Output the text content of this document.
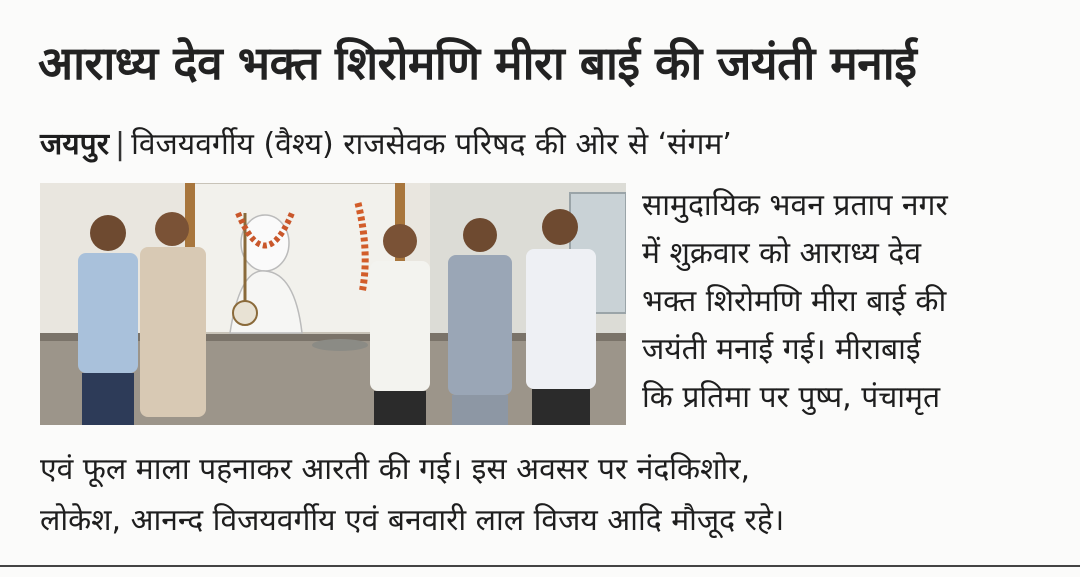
आराध्य देव भक्त शिरोमणि मीरा बाई की जयंती मनाई
जयपुर | विजयवर्गीय (वैश्य) राजसेवक परिषद की ओर से ‘संगम’
सामुदायिक भवन प्रताप नगर
में शुक्रवार को आराध्य देव
भक्त शिरोमणि मीरा बाई की
जयंती मनाई गई। मीराबाई
कि प्रतिमा पर पुष्प, पंचामृत
एवं फूल माला पहनाकर आरती की गई। इस अवसर पर नंदकिशोर,
लोकेश, आनन्द विजयवर्गीय एवं बनवारी लाल विजय आदि मौजूद रहे।
